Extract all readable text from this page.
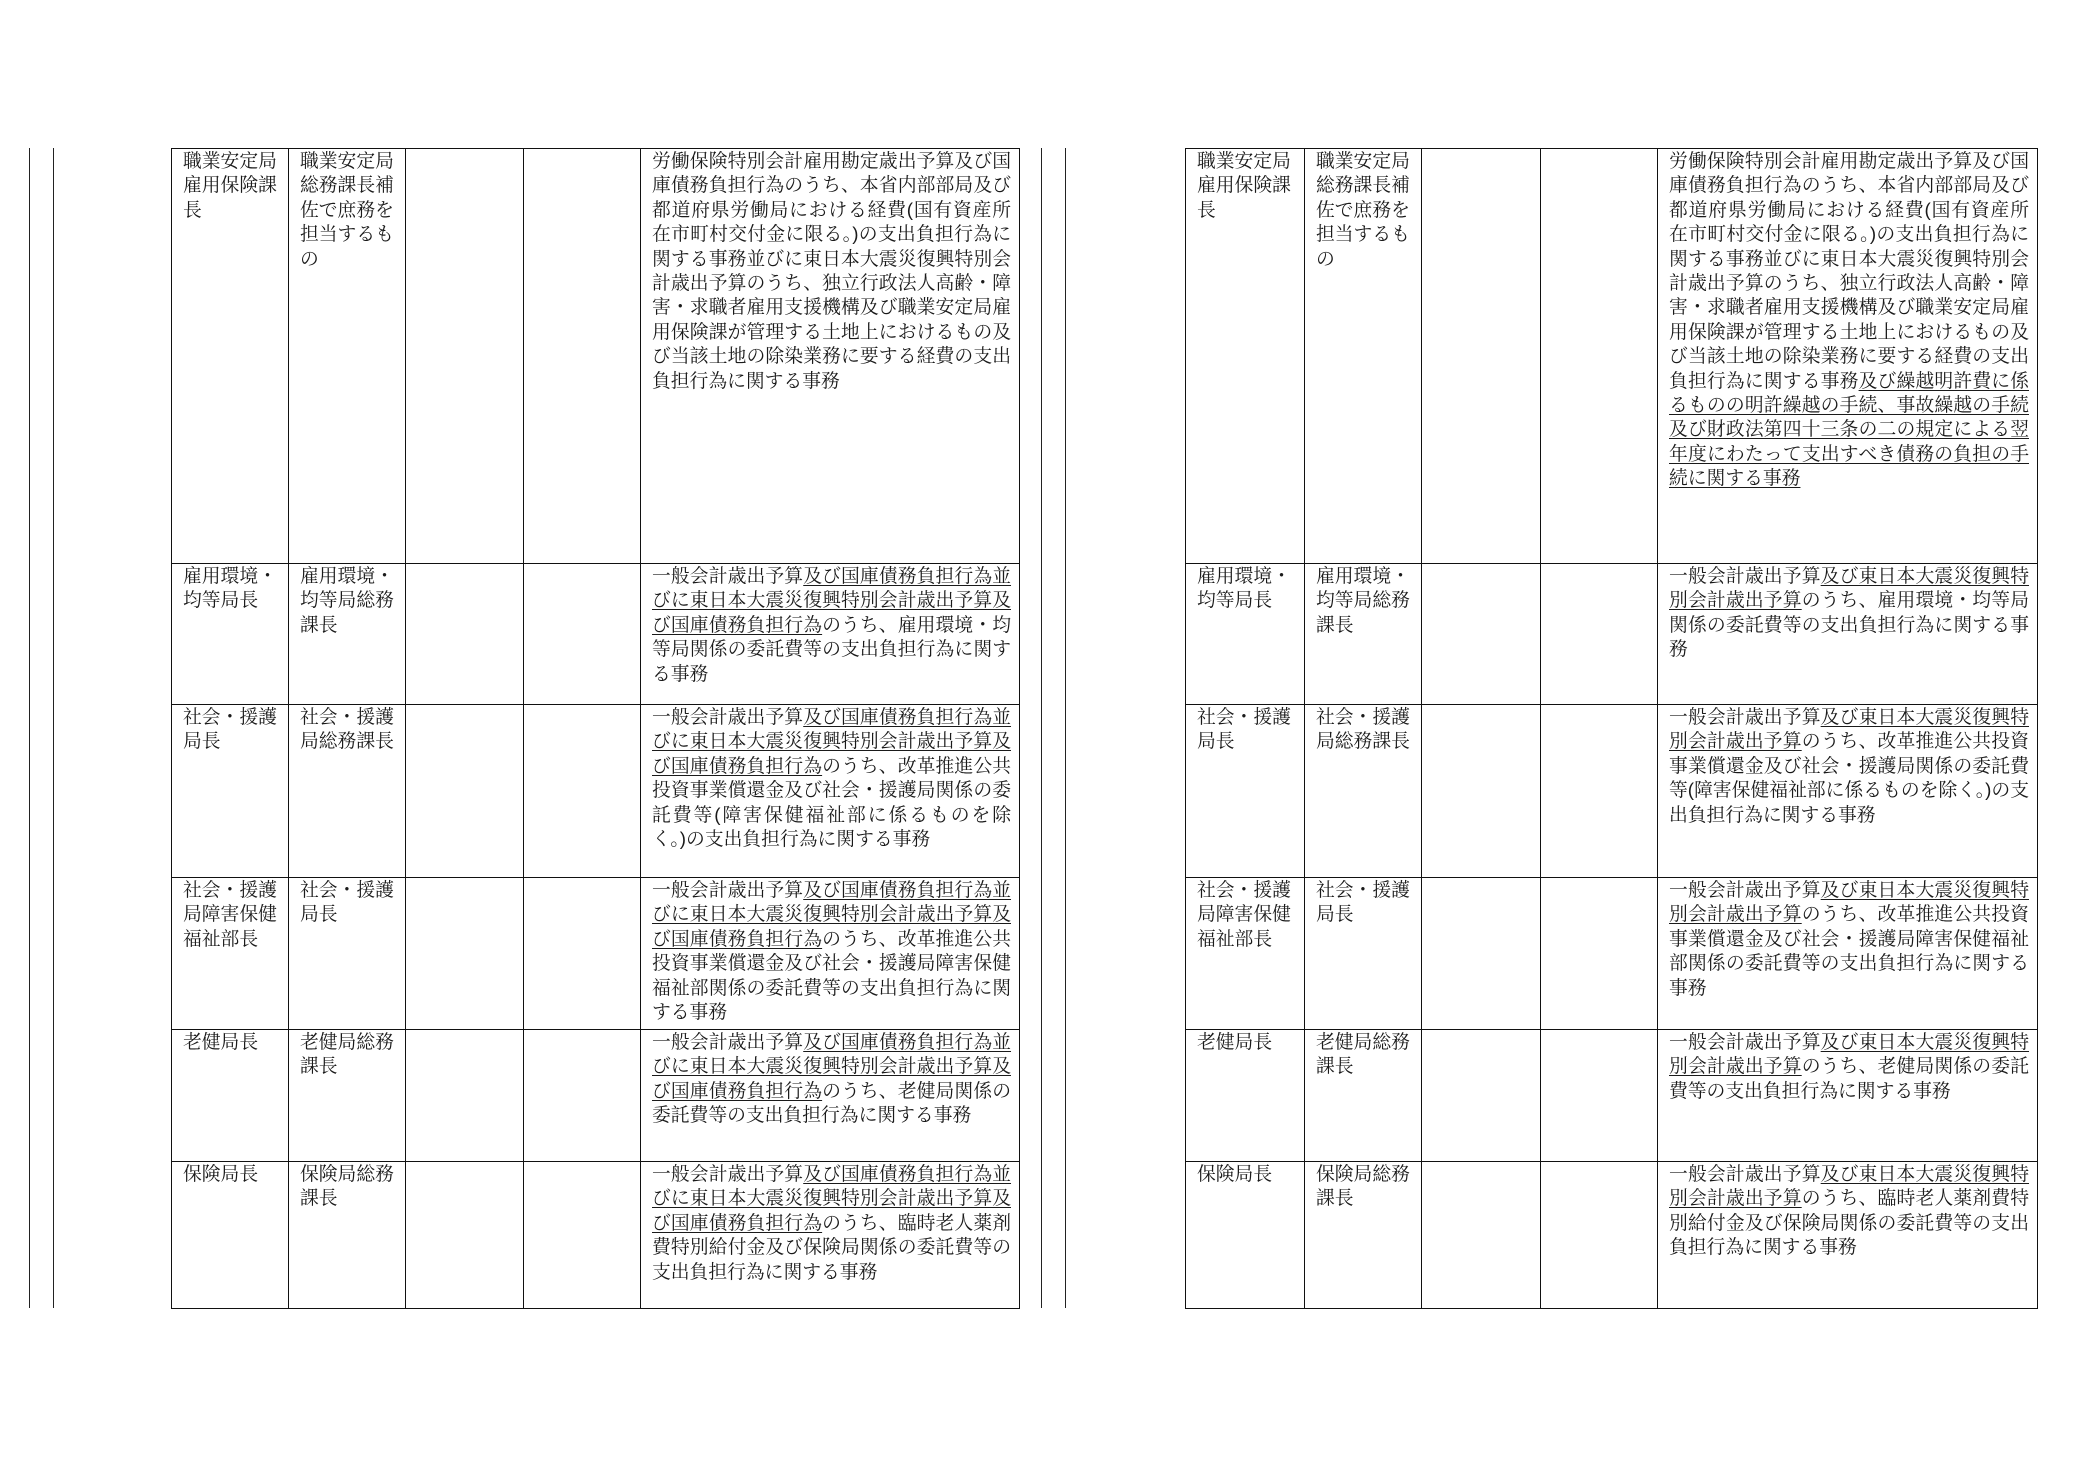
職業安定局雇用保険課長	職業安定局総務課長補佐で庶務を担当するもの			労働保険特別会計雇用勘定歳出予算及び国庫債務負担行為のうち、本省内部部局及び都道府県労働局における経費(国有資産所在市町村交付金に限る。)の支出負担行為に関する事務並びに東日本大震災復興特別会計歳出予算のうち、独立行政法人高齢・障害・求職者雇用支援機構及び職業安定局雇用保険課が管理する土地上におけるもの及び当該土地の除染業務に要する経費の支出負担行為に関する事務
雇用環境・均等局長	雇用環境・均等局総務課長			一般会計歳出予算及び国庫債務負担行為並びに東日本大震災復興特別会計歳出予算及び国庫債務負担行為のうち、雇用環境・均等局関係の委託費等の支出負担行為に関する事務
社会・援護局長	社会・援護局総務課長			一般会計歳出予算及び国庫債務負担行為並びに東日本大震災復興特別会計歳出予算及び国庫債務負担行為のうち、改革推進公共投資事業償還金及び社会・援護局関係の委託費等(障害保健福祉部に係るものを除く。)の支出負担行為に関する事務
社会・援護局障害保健福祉部長	社会・援護局長			一般会計歳出予算及び国庫債務負担行為並びに東日本大震災復興特別会計歳出予算及び国庫債務負担行為のうち、改革推進公共投資事業償還金及び社会・援護局障害保健福祉部関係の委託費等の支出負担行為に関する事務
老健局長	老健局総務課長			一般会計歳出予算及び国庫債務負担行為並びに東日本大震災復興特別会計歳出予算及び国庫債務負担行為のうち、老健局関係の委託費等の支出負担行為に関する事務
保険局長	保険局総務課長			一般会計歳出予算及び国庫債務負担行為並びに東日本大震災復興特別会計歳出予算及び国庫債務負担行為のうち、臨時老人薬剤費特別給付金及び保険局関係の委託費等の支出負担行為に関する事務
職業安定局雇用保険課長	職業安定局総務課長補佐で庶務を担当するもの			労働保険特別会計雇用勘定歳出予算及び国庫債務負担行為のうち、本省内部部局及び都道府県労働局における経費(国有資産所在市町村交付金に限る。)の支出負担行為に関する事務並びに東日本大震災復興特別会計歳出予算のうち、独立行政法人高齢・障害・求職者雇用支援機構及び職業安定局雇用保険課が管理する土地上におけるもの及び当該土地の除染業務に要する経費の支出負担行為に関する事務及び繰越明許費に係るものの明許繰越の手続、事故繰越の手続及び財政法第四十三条の二の規定による翌年度にわたって支出すべき債務の負担の手続に関する事務
雇用環境・均等局長	雇用環境・均等局総務課長			一般会計歳出予算及び東日本大震災復興特別会計歳出予算のうち、雇用環境・均等局関係の委託費等の支出負担行為に関する事務
社会・援護局長	社会・援護局総務課長			一般会計歳出予算及び東日本大震災復興特別会計歳出予算のうち、改革推進公共投資事業償還金及び社会・援護局関係の委託費等(障害保健福祉部に係るものを除く。)の支出負担行為に関する事務
社会・援護局障害保健福祉部長	社会・援護局長			一般会計歳出予算及び東日本大震災復興特別会計歳出予算のうち、改革推進公共投資事業償還金及び社会・援護局障害保健福祉部関係の委託費等の支出負担行為に関する事務
老健局長	老健局総務課長			一般会計歳出予算及び東日本大震災復興特別会計歳出予算のうち、老健局関係の委託費等の支出負担行為に関する事務
保険局長	保険局総務課長			一般会計歳出予算及び東日本大震災復興特別会計歳出予算のうち、臨時老人薬剤費特別給付金及び保険局関係の委託費等の支出負担行為に関する事務
